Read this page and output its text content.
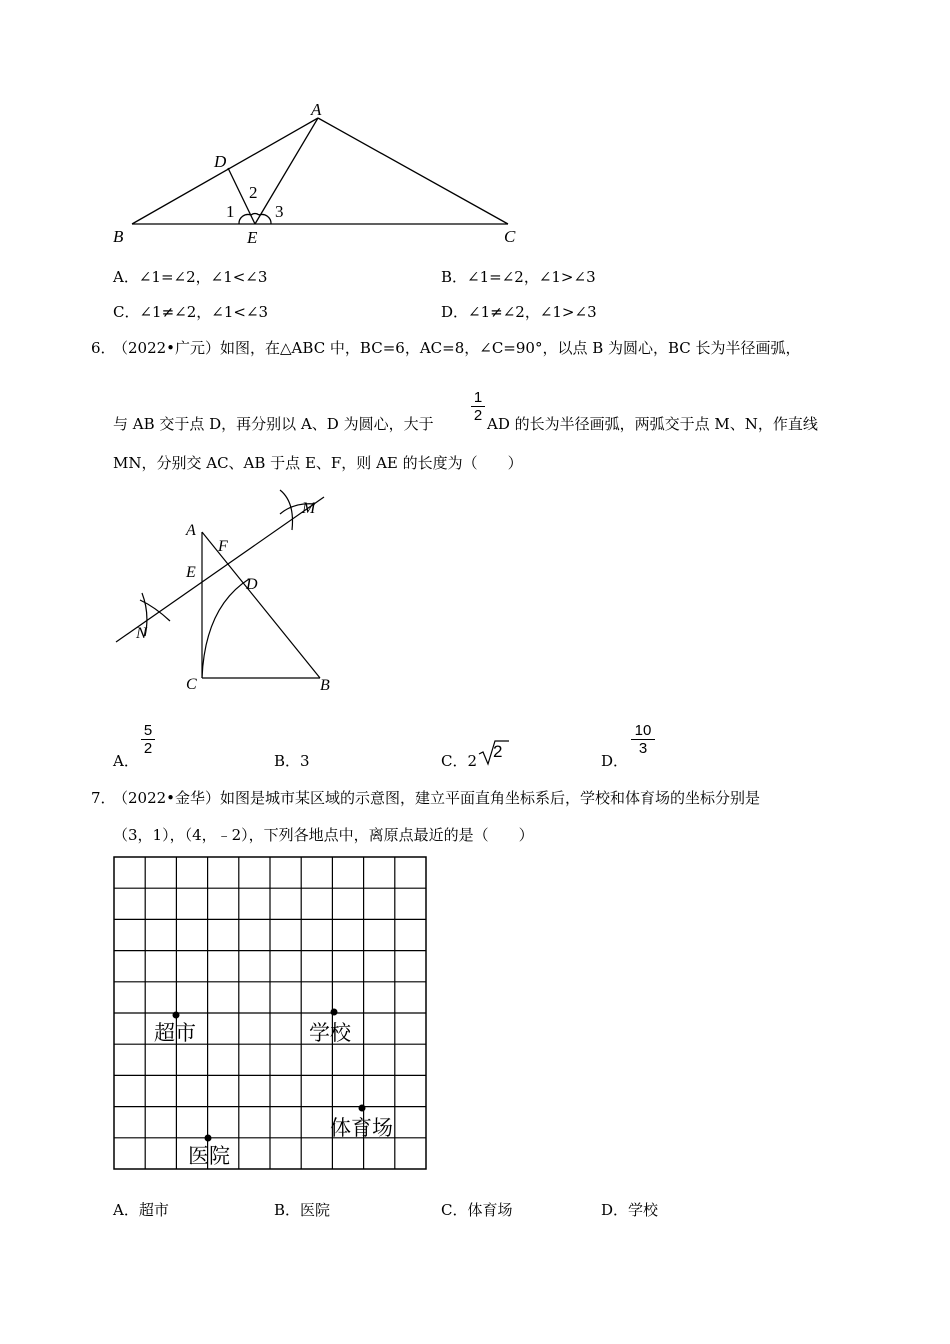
A
B	C
D
E
1
2
3
A．∠1=∠2，∠1<∠3	B．∠1=∠2，∠1>∠3
C．∠1≠∠2，∠1<∠3	D．∠1≠∠2，∠1>∠3
6．
（2022•广元）如图，在△ABC 中，BC=6，AC=8，∠C=90°，以点 B 为圆心，BC 长为半径画弧，
与 AB 交于点 D，再分别以 A、D 为圆心，大于
1
2 AD 的长为半径画弧，两弧交于点 M、N，作直线
MN，分别交 AC、AB 于点 E、F，则 AE 的长度为（　　）
A
F
E
D
C	B
M
N
A．
5
2
B．3	C．2 2	D．
10
3
7．
（2022•金华）如图是城市某区域的示意图，建立平面直角坐标系后，学校和体育场的坐标分别是
（3，1），（4，﹣2），下列各地点中，离原点最近的是（　　）
超市	学校
体育场
医院
A．超市	B．医院	C．体育场	D．学校
